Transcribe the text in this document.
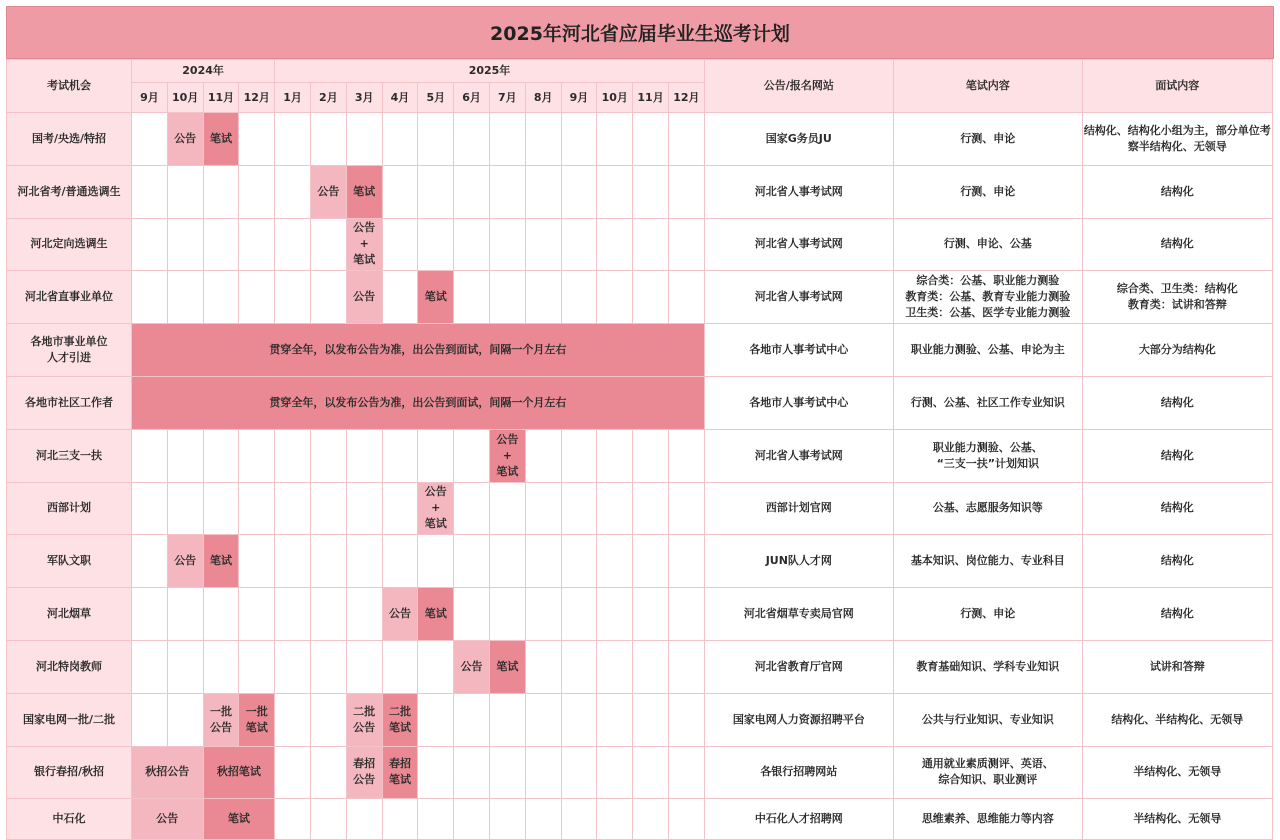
2025年河北省应届毕业生巡考计划
考试机会	2024年				2025年												公告/报名网站	笔试内容	面试内容
	9月	10月	11月	12月	1月	2月	3月	4月	5月	6月	7月	8月	9月	10月	11月	12月			
国考/央选/特招		公告	笔试														国家G务员JU	行测、申论	结构化、结构化小组为主，部分单位考察半结构化、无领导
河北省考/普通选调生						公告	笔试										河北省人事考试网	行测、申论	结构化
河北定向选调生							公告
+
笔试										河北省人事考试网	行测、申论、公基	结构化
河北省直事业单位							公告		笔试								河北省人事考试网	综合类：公基、职业能力测验
教育类：公基、教育专业能力测验
卫生类：公基、医学专业能力测验	综合类、卫生类：结构化
教育类：试讲和答辩
各地市事业单位
人才引进	贯穿全年，以发布公告为准，出公告到面试，间隔一个月左右																各地市人事考试中心	职业能力测验、公基、申论为主	大部分为结构化
各地市社区工作者	贯穿全年，以发布公告为准，出公告到面试，间隔一个月左右																各地市人事考试中心	行测、公基、社区工作专业知识	结构化
河北三支一扶											公告
+
笔试						河北省人事考试网	职业能力测验、公基、
“三支一扶”计划知识	结构化
西部计划									公告
+
笔试								西部计划官网	公基、志愿服务知识等	结构化
军队文职		公告	笔试														JUN队人才网	基本知识、岗位能力、专业科目	结构化
河北烟草								公告	笔试								河北省烟草专卖局官网	行测、申论	结构化
河北特岗教师										公告	笔试						河北省教育厅官网	教育基础知识、学科专业知识	试讲和答辩
国家电网一批/二批			一批
公告	一批
笔试			二批
公告	二批
笔试									国家电网人力资源招聘平台	公共与行业知识、专业知识	结构化、半结构化、无领导
银行春招/秋招	秋招公告		秋招笔试				春招
公告	春招
笔试									各银行招聘网站	通用就业素质测评、英语、
综合知识、职业测评	半结构化、无领导
中石化	公告		笔试														中石化人才招聘网	思维素养、思维能力等内容	半结构化、无领导
